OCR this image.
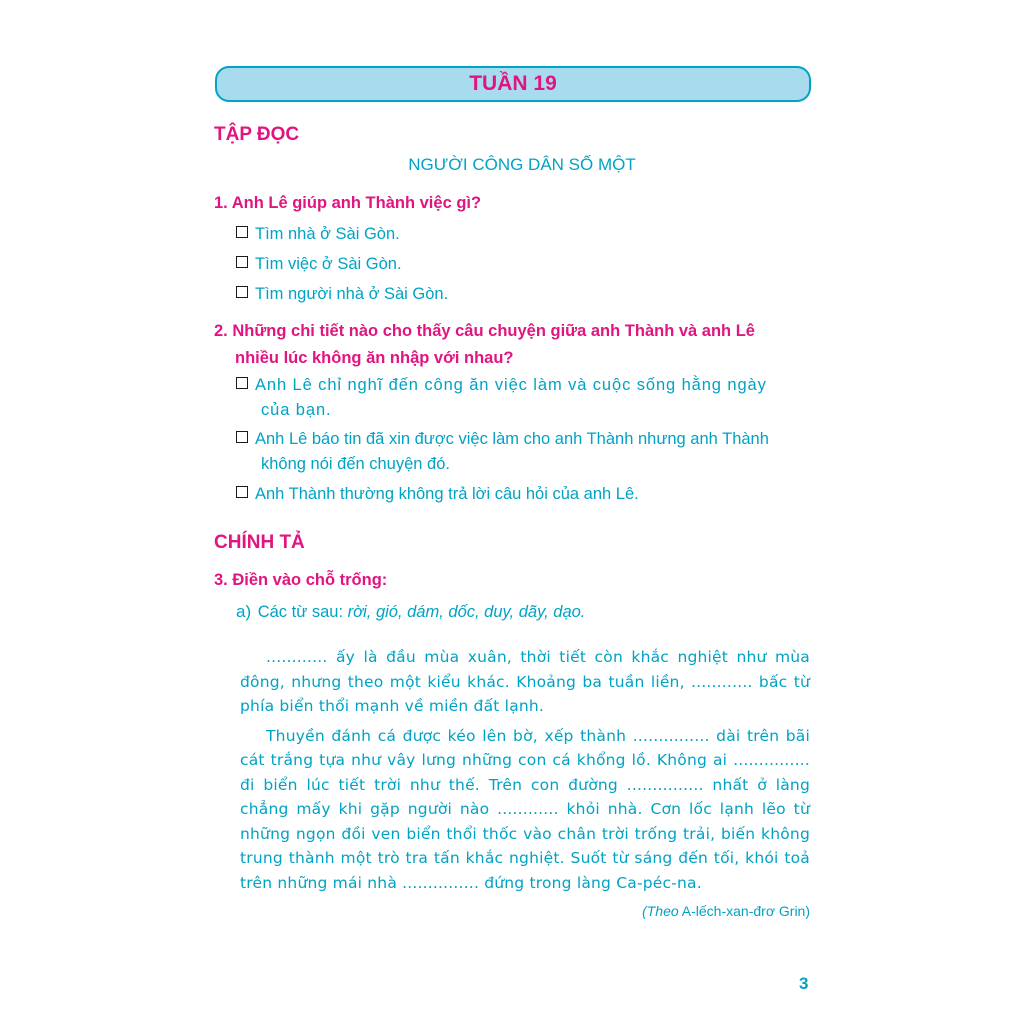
TUẦN 19
TẬP ĐỌC
NGƯỜI CÔNG DÂN SỐ MỘT
1. Anh Lê giúp anh Thành việc gì?
Tìm nhà ở Sài Gòn.
Tìm việc ở Sài Gòn.
Tìm người nhà ở Sài Gòn.
2. Những chi tiết nào cho thấy câu chuyện giữa anh Thành và anh Lê
nhiều lúc không ăn nhập với nhau?
Anh Lê chỉ nghĩ đến công ăn việc làm và cuộc sống hằng ngày
của bạn.
Anh Lê báo tin đã xin được việc làm cho anh Thành nhưng anh Thành
không nói đến chuyện đó.
Anh Thành thường không trả lời câu hỏi của anh Lê.
CHÍNH TẢ
3. Điền vào chỗ trống:
a) Các từ sau: rời, gió, dám, dốc, duy, dãy, dạo.

............ ấy là đầu mùa xuân, thời tiết còn khắc nghiệt như mùa đông, nhưng theo một kiểu khác. Khoảng ba tuần liền, ............ bấc từ phía biển thổi mạnh về miền đất lạnh.

Thuyền đánh cá được kéo lên bờ, xếp thành ............... dài trên bãi cát trắng tựa như vây lưng những con cá khổng lồ. Không ai ............... đi biển lúc tiết trời như thế. Trên con đường ............... nhất ở làng chẳng mấy khi gặp người nào ............ khỏi nhà. Cơn lốc lạnh lẽo từ những ngọn đồi ven biển thổi thốc vào chân trời trống trải, biến không trung thành một trò tra tấn khắc nghiệt. Suốt từ sáng đến tối, khói toả trên những mái nhà ............... đứng trong làng Ca-péc-na.

(Theo A-lếch-xan-đrơ Grin)
3
